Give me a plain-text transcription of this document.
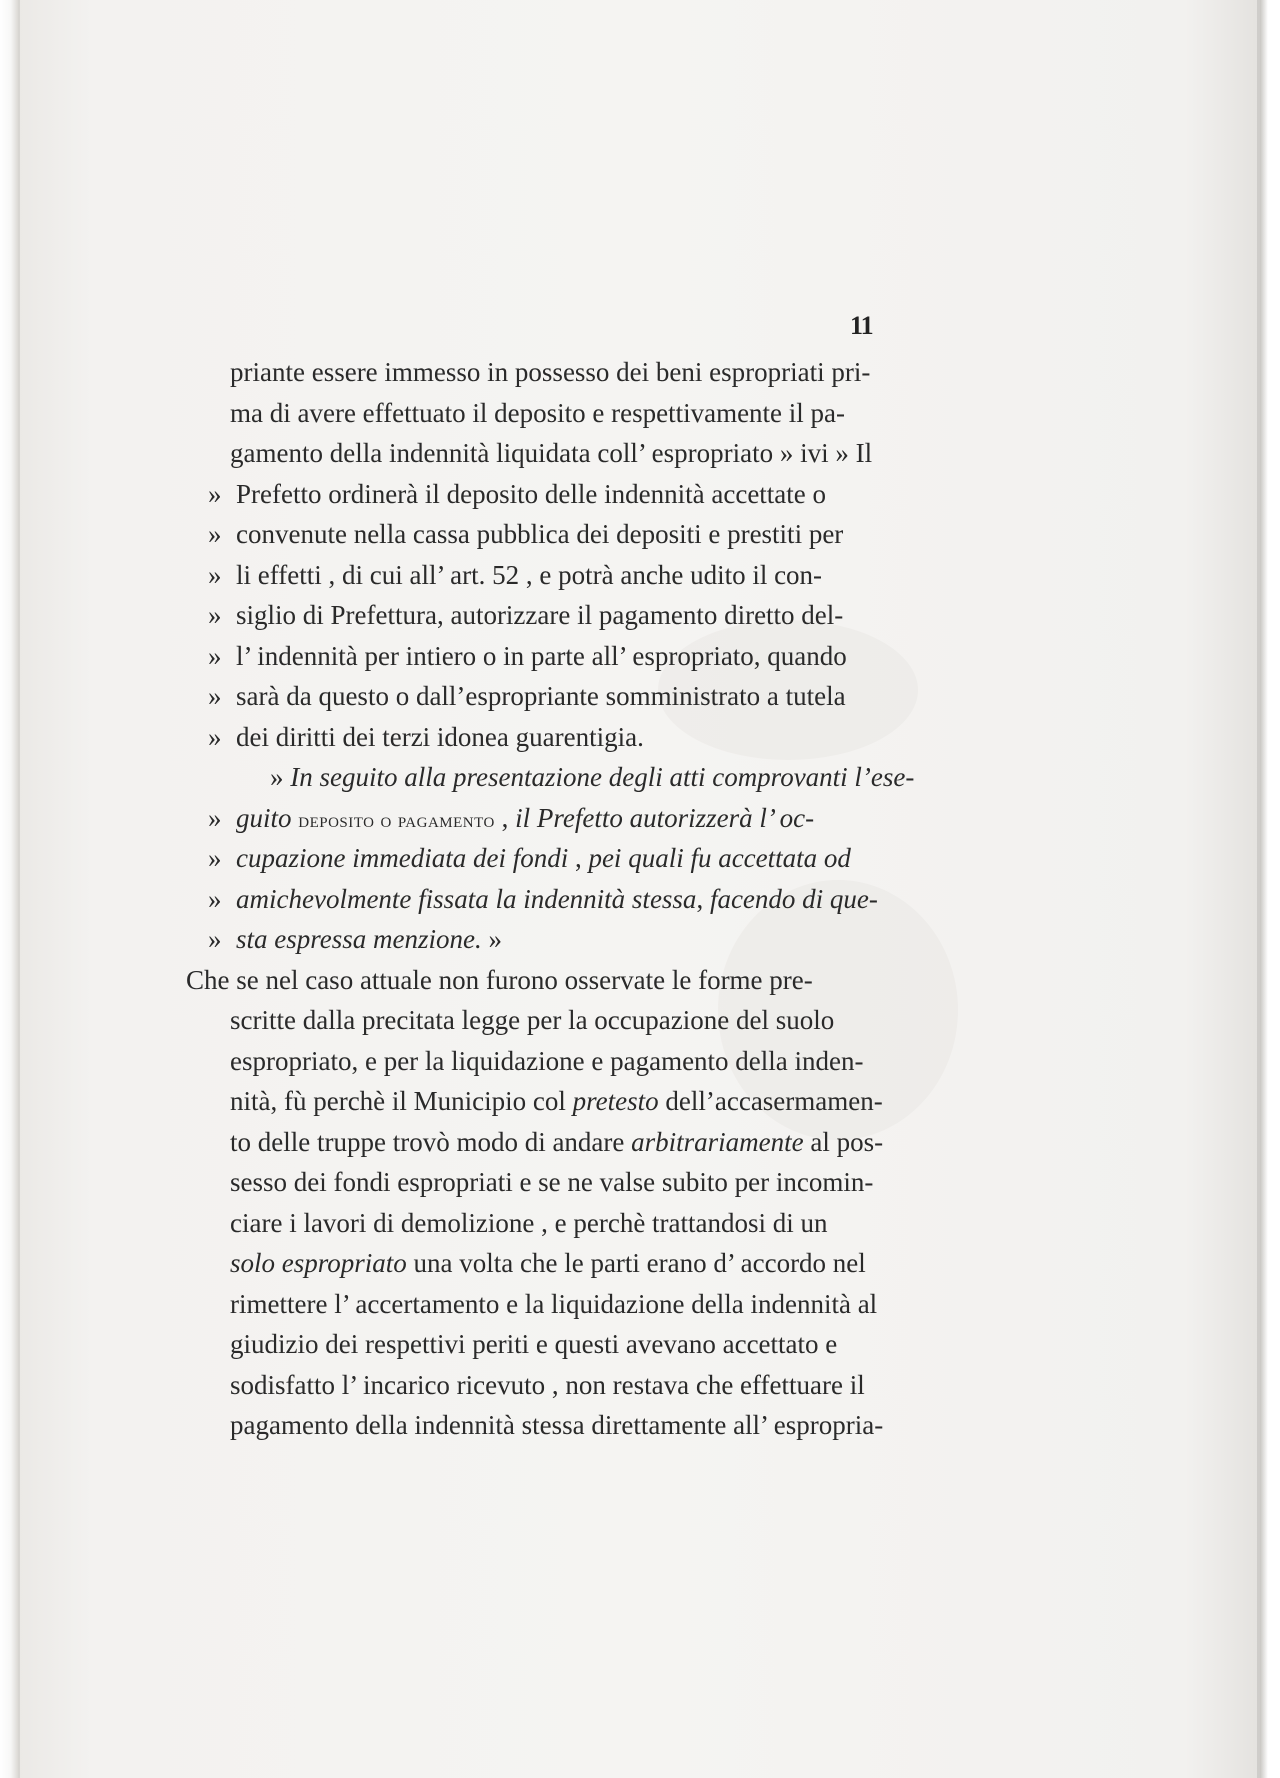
11
priante essere immesso in possesso dei beni espropriati pri-
ma di avere effettuato il deposito e respettivamente il pa-
gamento della indennità liquidata coll’ espropriato » ivi » Il
» Prefetto ordinerà il deposito delle indennità accettate o
» convenute nella cassa pubblica dei depositi e prestiti per
» li effetti , di cui all’ art. 52 , e potrà anche udito il con-
» siglio di Prefettura, autorizzare il pagamento diretto del-
» l’ indennità per intiero o in parte all’ espropriato, quando
» sarà da questo o dall’espropriante somministrato a tutela
» dei diritti dei terzi idonea guarentigia.
» In seguito alla presentazione degli atti comprovanti l’ese-
» guito deposito o pagamento , il Prefetto autorizzerà l’ oc-
» cupazione immediata dei fondi , pei quali fu accettata od
» amichevolmente fissata la indennità stessa, facendo di que-
» sta espressa menzione. »
Che se nel caso attuale non furono osservate le forme pre-
scritte dalla precitata legge per la occupazione del suolo
espropriato, e per la liquidazione e pagamento della inden-
nità, fù perchè il Municipio col pretesto dell’accasermamen-
to delle truppe trovò modo di andare arbitrariamente al pos-
sesso dei fondi espropriati e se ne valse subito per incomin-
ciare i lavori di demolizione , e perchè trattandosi di un
solo espropriato una volta che le parti erano d’ accordo nel
rimettere l’ accertamento e la liquidazione della indennità al
giudizio dei respettivi periti e questi avevano accettato e
sodisfatto l’ incarico ricevuto , non restava che effettuare il
pagamento della indennità stessa direttamente all’ espropria-
